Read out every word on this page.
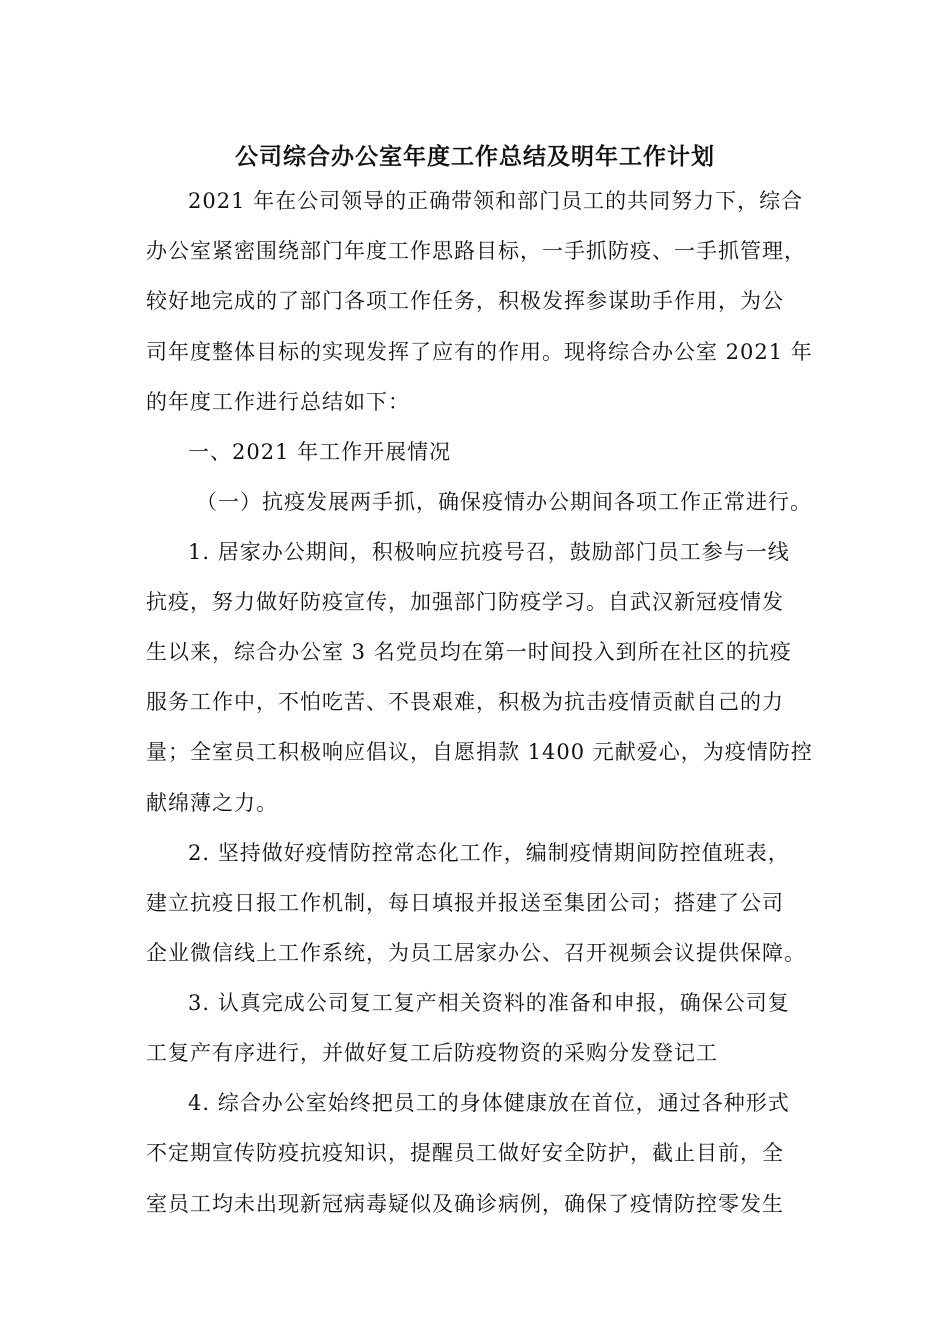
公司综合办公室年度工作总结及明年工作计划
2021 年在公司领导的正确带领和部门员工的共同努力下，综合
办公室紧密围绕部门年度工作思路目标，一手抓防疫、一手抓管理，
较好地完成的了部门各项工作任务，积极发挥参谋助手作用，为公
司年度整体目标的实现发挥了应有的作用。现将综合办公室 2021 年
的年度工作进行总结如下：
一、2021 年工作开展情况
（一）抗疫发展两手抓，确保疫情办公期间各项工作正常进行。
1. 居家办公期间，积极响应抗疫号召，鼓励部门员工参与一线
抗疫，努力做好防疫宣传，加强部门防疫学习。自武汉新冠疫情发
生以来，综合办公室 3 名党员均在第一时间投入到所在社区的抗疫
服务工作中，不怕吃苦、不畏艰难，积极为抗击疫情贡献自己的力
量；全室员工积极响应倡议，自愿捐款 1400 元献爱心，为疫情防控
献绵薄之力。
2. 坚持做好疫情防控常态化工作，编制疫情期间防控值班表，
建立抗疫日报工作机制，每日填报并报送至集团公司；搭建了公司
企业微信线上工作系统，为员工居家办公、召开视频会议提供保障。
3. 认真完成公司复工复产相关资料的准备和申报，确保公司复
工复产有序进行，并做好复工后防疫物资的采购分发登记工
4. 综合办公室始终把员工的身体健康放在首位，通过各种形式
不定期宣传防疫抗疫知识，提醒员工做好安全防护，截止目前，全
室员工均未出现新冠病毒疑似及确诊病例，确保了疫情防控零发生
